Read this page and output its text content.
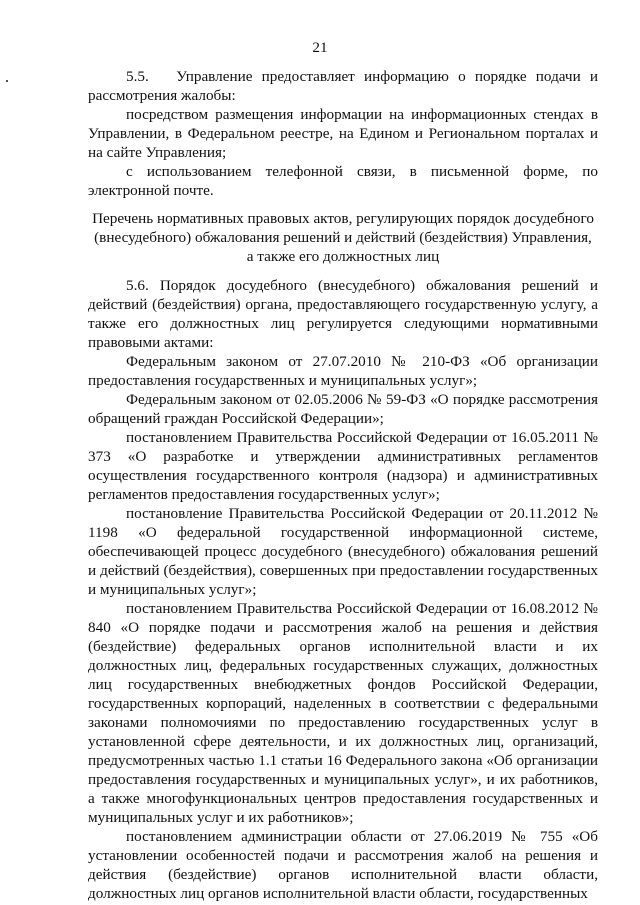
21
5.5.   Управление предоставляет информацию о порядке подачи и рассмотрения жалобы:
посредством размещения информации на информационных стендах в Управлении, в Федеральном реестре, на Едином и Региональном порталах и на сайте Управления;
с использованием телефонной связи, в письменной форме, по электронной почте.
Перечень нормативных правовых актов, регулирующих порядок досудебного
(внесудебного) обжалования решений и действий (бездействия) Управления,
а также его должностных лиц
5.6. Порядок досудебного (внесудебного) обжалования решений и действий (бездействия) органа, предоставляющего государственную услугу, а также его должностных лиц регулируется следующими нормативными правовыми актами:
Федеральным законом от 27.07.2010 № 210-ФЗ «Об организации предоставления государственных и муниципальных услуг»;
Федеральным законом от 02.05.2006 № 59-ФЗ «О порядке рассмотрения обращений граждан Российской Федерации»;
постановлением Правительства Российской Федерации от 16.05.2011 № 373 «О разработке и утверждении административных регламентов осуществления государственного контроля (надзора) и административных регламентов предоставления государственных услуг»;
постановление Правительства Российской Федерации от 20.11.2012 № 1198 «О федеральной государственной информационной системе, обеспечивающей процесс досудебного (внесудебного) обжалования решений и действий (бездействия), совершенных при предоставлении государственных и муниципальных услуг»;
постановлением Правительства Российской Федерации от 16.08.2012 № 840 «О порядке подачи и рассмотрения жалоб на решения и действия (бездействие) федеральных органов исполнительной власти и их должностных лиц, федеральных государственных служащих, должностных лиц государственных внебюджетных фондов Российской Федерации, государственных корпораций, наделенных в соответствии с федеральными законами полномочиями по предоставлению государственных услуг в установленной сфере деятельности, и их должностных лиц, организаций, предусмотренных частью 1.1 статьи 16 Федерального закона «Об организации предоставления государственных и муниципальных услуг», и их работников, а также многофункциональных центров предоставления государственных и муниципальных услуг и их работников»;
постановлением администрации области от 27.06.2019 № 755 «Об установлении особенностей подачи и рассмотрения жалоб на решения и действия (бездействие) органов исполнительной власти области, должностных лиц органов исполнительной власти области, государственных
